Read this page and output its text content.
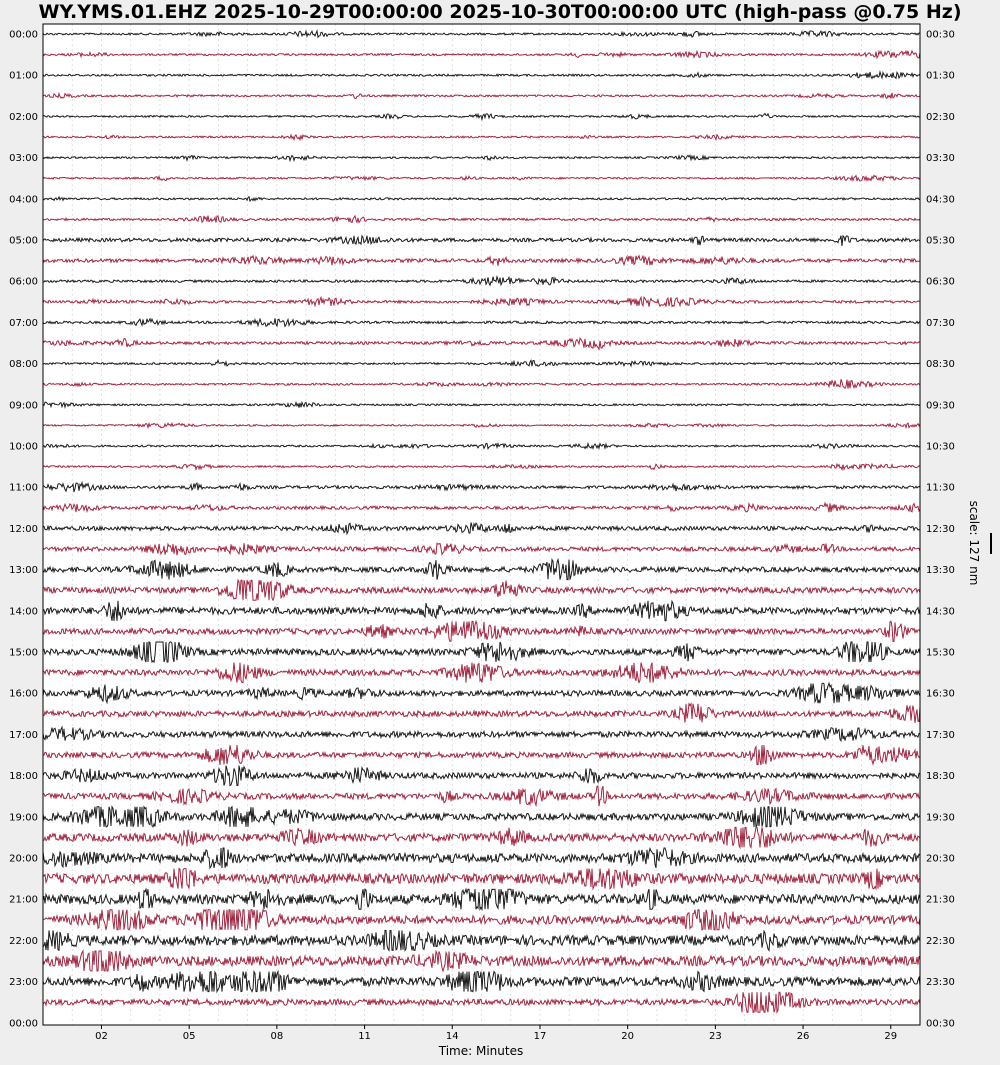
00:00
01:00
02:00
03:00
04:00
05:00
06:00
07:00
08:00
09:00
10:00
11:00
12:00
13:00
14:00
15:00
16:00
17:00
18:00
19:00
20:00
21:00
22:00
23:00
00:00
00:30
01:30
02:30
03:30
04:30
05:30
06:30
07:30
08:30
09:30
10:30
11:30
12:30
13:30
14:30
15:30
16:30
17:30
18:30
19:30
20:30
21:30
22:30
23:30
00:30
02	05	08	11	14	17	20	23	26	29
WY.YMS.01.EHZ 2025-10-29T00:00:00 2025-10-30T00:00:00 UTC (high-pass @0.75 Hz)
Time: Minutes
scale: 127 nm
